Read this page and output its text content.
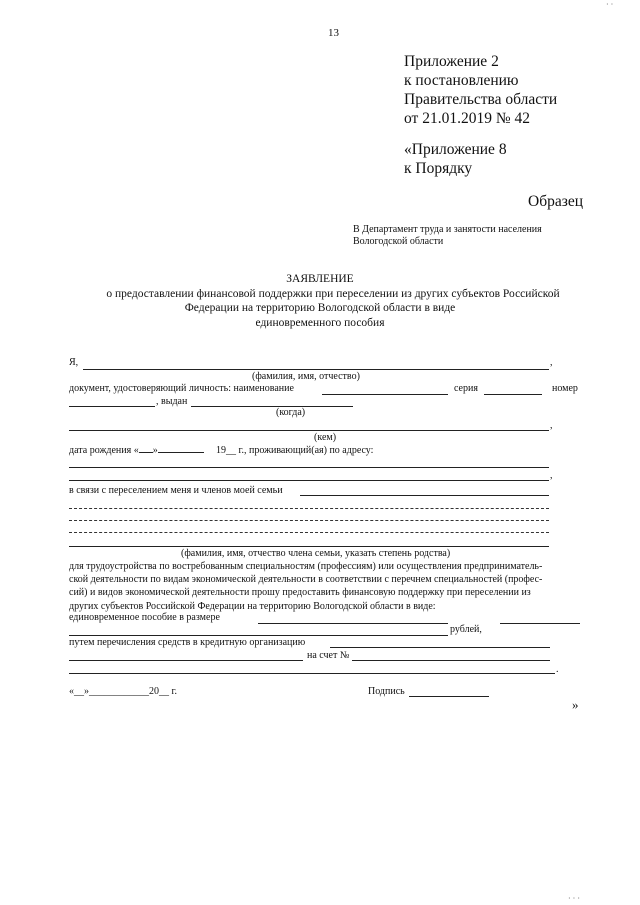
13
· ·
Приложение 2
к постановлению
Правительства области
от 21.01.2019 № 42
«Приложение 8
к Порядку
Образец
В Департамент труда и занятости населения
Вологодской области
ЗАЯВЛЕНИЕ
о предоставлении финансовой поддержки при переселении из других субъектов Российской
Федерации на территорию Вологодской области в виде
единовременного пособия
Я,	,
(фамилия, имя, отчество)
документ, удостоверяющий личность: наименование	серия	номер
, выдан
(когда)
,
(кем)
дата рождения « »	19__ г., проживающий(ая) по адресу:
,
в связи с переселением меня и членов моей семьи
(фамилия, имя, отчество члена семьи, указать степень родства)
для трудоустройства по востребованным специальностям (профессиям) или осуществления предприниматель-
ской деятельности по видам экономической деятельности в соответствии с перечнем специальностей (профес-
сий) и видов экономической деятельности прошу предоставить финансовую поддержку при переселении из
других субъектов Российской Федерации на территорию Вологодской области в виде:
единовременное пособие в размере
рублей,
путем перечисления средств в кредитную организацию
на счет №
.
«__»____________20__ г.	Подпись
»
· · ·
